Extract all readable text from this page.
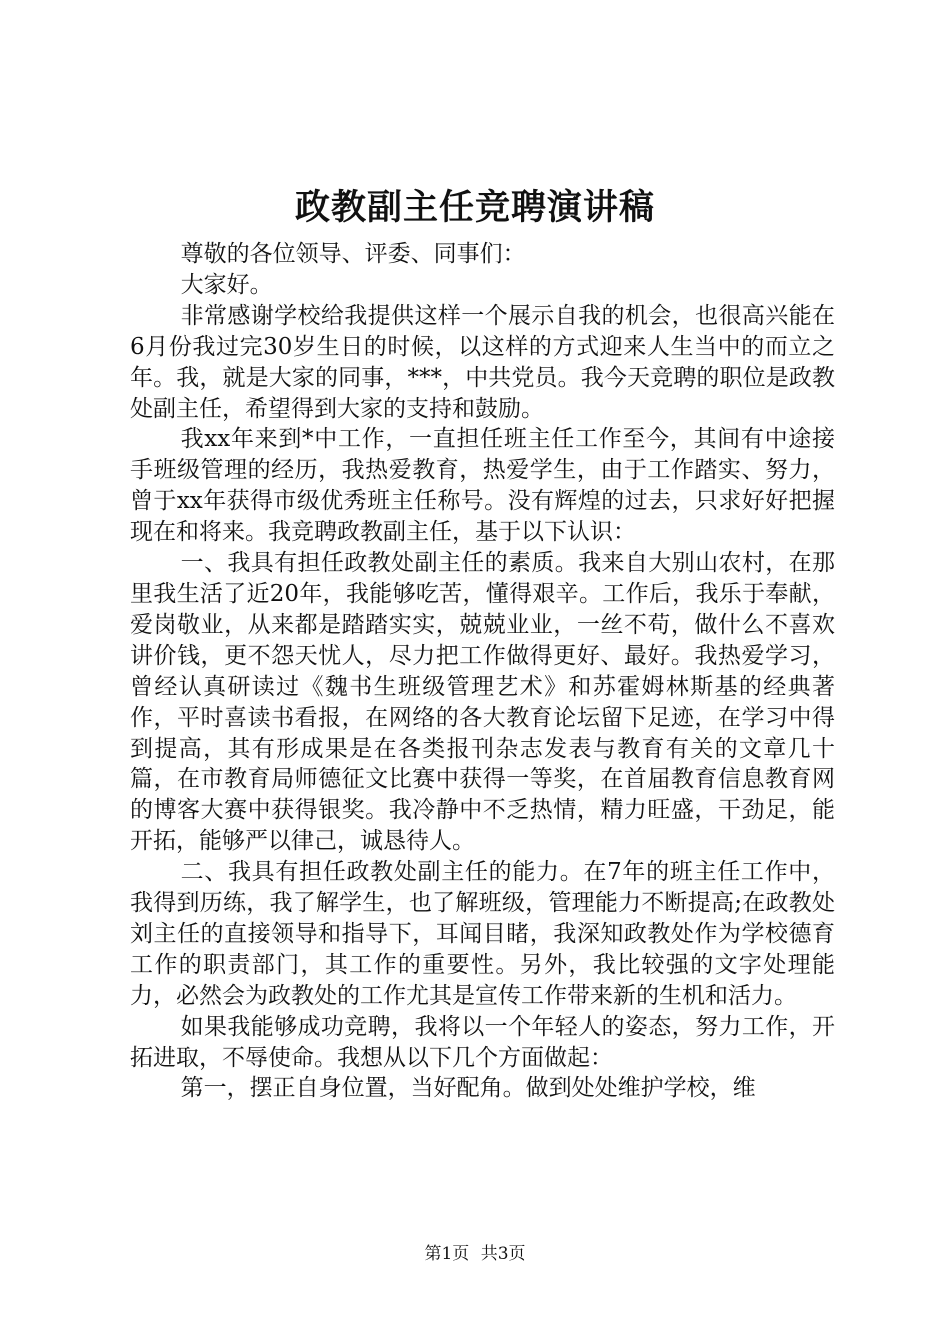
政教副主任竞聘演讲稿

尊敬的各位领导、评委、同事们：

大家好。

非常感谢学校给我提供这样一个展示自我的机会，也很高兴能在6月份我过完30岁生日的时候，以这样的方式迎来人生当中的而立之年。我，就是大家的同事，***，中共党员。我今天竞聘的职位是政教处副主任，希望得到大家的支持和鼓励。

我xx年来到*中工作，一直担任班主任工作至今，其间有中途接手班级管理的经历，我热爱教育，热爱学生，由于工作踏实、努力，曾于xx年获得市级优秀班主任称号。没有辉煌的过去，只求好好把握现在和将来。我竞聘政教副主任，基于以下认识：

一、我具有担任政教处副主任的素质。我来自大别山农村，在那里我生活了近20年，我能够吃苦，懂得艰辛。工作后，我乐于奉献，爱岗敬业，从来都是踏踏实实，兢兢业业，一丝不苟，做什么不喜欢讲价钱，更不怨天忧人，尽力把工作做得更好、最好。我热爱学习，曾经认真研读过《魏书生班级管理艺术》和苏霍姆林斯基的经典著作，平时喜读书看报，在网络的各大教育论坛留下足迹，在学习中得到提高，其有形成果是在各类报刊杂志发表与教育有关的文章几十篇，在市教育局师德征文比赛中获得一等奖，在首届教育信息教育网的博客大赛中获得银奖。我冷静中不乏热情，精力旺盛，干劲足，能开拓，能够严以律己，诚恳待人。

二、我具有担任政教处副主任的能力。在7年的班主任工作中，我得到历练，我了解学生，也了解班级，管理能力不断提高;在政教处刘主任的直接领导和指导下，耳闻目睹，我深知政教处作为学校德育工作的职责部门，其工作的重要性。另外，我比较强的文字处理能力，必然会为政教处的工作尤其是宣传工作带来新的生机和活力。

如果我能够成功竞聘，我将以一个年轻人的姿态，努力工作，开拓进取，不辱使命。我想从以下几个方面做起：

第一，摆正自身位置，当好配角。做到处处维护学校，维

第1页 共3页
